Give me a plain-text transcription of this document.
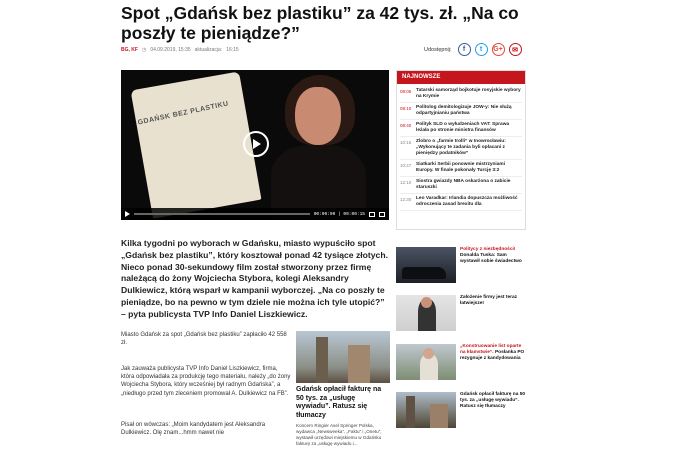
Spot „Gdańsk bez plastiku” za 42 tys. zł. „Na co poszły te pieniądze?”
BG, KF ◷ 04.09.2019, 15:35 aktualizacja: 16:15	Udostępnij:	f	t	G+	✉
GDAŃSK BEZ PLASTIKU
00:00:00 | 00:00:15
NAJNOWSZE
08:05 Tatarski samorząd bojkotuje rosyjskie wybory na Krymie
08:10 Politolog demitologizuje JOW-y: Nie służą odpartyjnianiu państwa
08:40 Polityk SLD o wyłudzeniach VAT: Sprawa leżała po stronie ministra finansów
10:15 Zlobro o „farmie trolli” w Inowrocławiu: „Wykonujący te zadania byli opłacani z pieniędzy podatników”
10:47 Siatkarki Serbii ponownie mistrzyniami Europy. W finale pokonały Turcję 3:2
12:10 Siostra gwiazdy NBA oskarżona o zabicie staruszki
12:30 Leo Varadkar: Irlandia dopuszcza możliwość odroczenia zasad brexitu dla

Kilka tygodni po wyborach w Gdańsku, miasto wypuściło spot „Gdańsk bez plastiku”, który kosztował ponad 42 tysiące złotych. Nieco ponad 30-sekundowy film został stworzony przez firmę należącą do żony Wojciecha Stybora, kolegi Aleksandry Dulkiewicz, którą wsparł w kampanii wyborczej. „Na co poszły te pieniądze, bo na pewno w tym dziele nie można ich tyle utopić?” – pyta publicysta TVP Info Daniel Liszkiewicz.

Miasto Gdańsk za spot „Gdańsk bez plastiku” zapłaciło 42 558 zł.

Jak zauważa publicysta TVP Info Daniel Liszkiewicz, firma, która odpowiadała za produkcję tego materiału, należy „do żony Wojciecha Stybora, który wcześniej był radnym Gdańska”, a „niedługo przed tym zleceniem promował A. Dulkiewicz na FB”.

Pisał on wówczas: „Moim kandydatem jest Aleksandra Dulkiewicz. Olę znam...hmm nawet nie

Gdańsk opłacił fakturę na 50 tys. za „usługę wywiadu”. Ratusz się tłumaczy
Koncern Ringier Axel Springer Polska, wydawca „Newsweeka”, „Faktu” i „Onetu”, wystawił urzędowi miejskiemu w Gdańsku fakturę za „usługę wywiadu i...
Politycy z niezbędności! Donalda Tuska: Sam wystawił sobie świadectwo
Założenie firmy jest teraz łatwiejsze!
„Konstruowanie list oparte na kłamstwie”. Posłanka PO rezygnuje z kandydowania
Gdańsk opłacił fakturę na 50 tys. za „usługę wywiadu”. Ratusz się tłumaczy
